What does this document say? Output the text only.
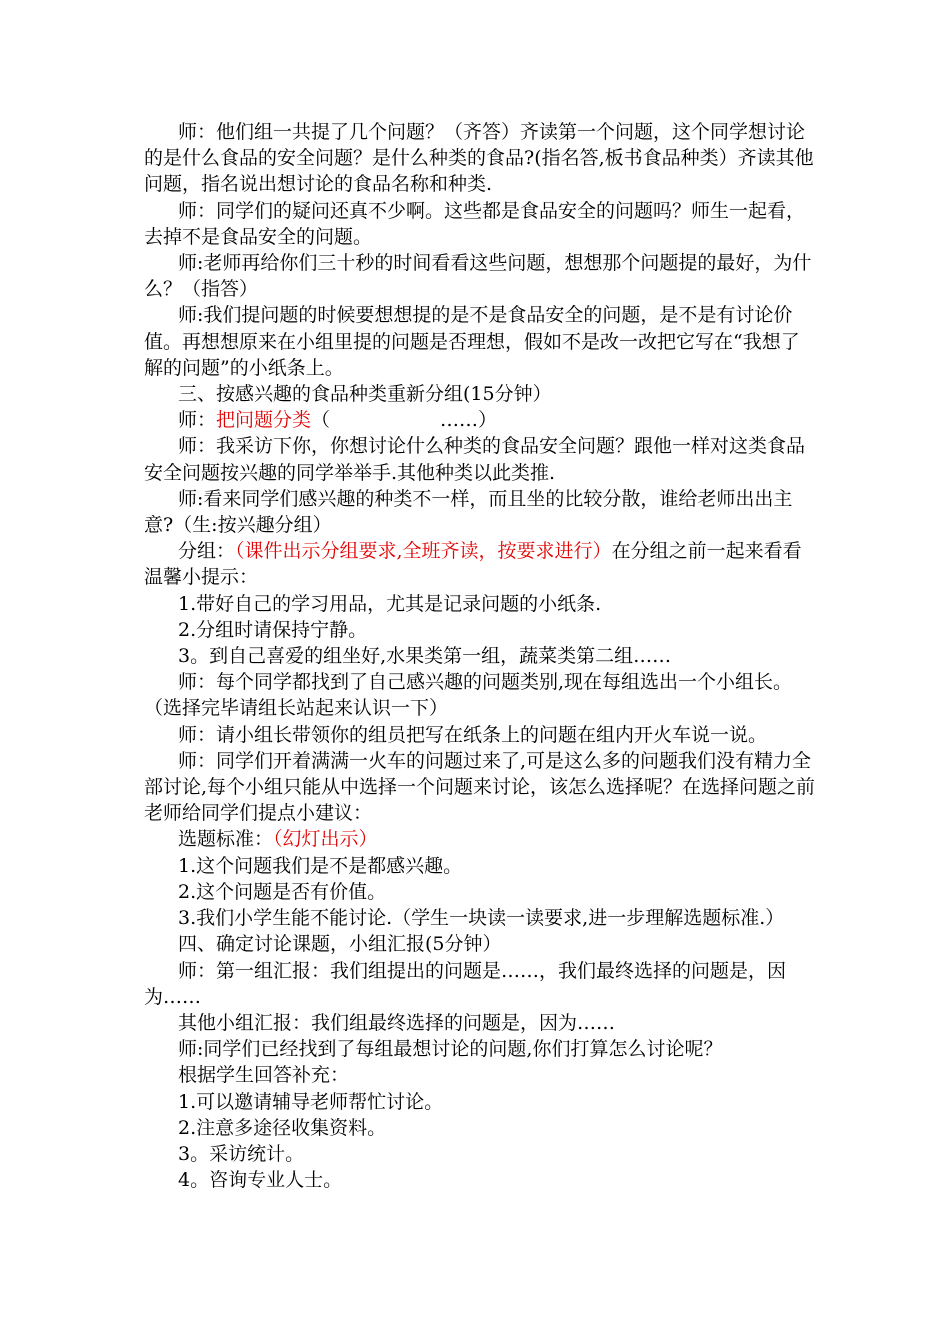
师：他们组一共提了几个问题？（齐答）齐读第一个问题，这个同学想讨论的是什么食品的安全问题？是什么种类的食品?(指名答,板书食品种类）齐读其他问题，指名说出想讨论的食品名称和种类.

师：同学们的疑问还真不少啊。这些都是食品安全的问题吗？师生一起看，去掉不是食品安全的问题。

师:老师再给你们三十秒的时间看看这些问题，想想那个问题提的最好，为什么？（指答）

师:我们提问题的时候要想想提的是不是食品安全的问题，是不是有讨论价值。再想想原来在小组里提的问题是否理想，假如不是改一改把它写在“我想了解的问题”的小纸条上。

三、按感兴趣的食品种类重新分组(15分钟）

师：把问题分类（	……）

师：我采访下你，你想讨论什么种类的食品安全问题？跟他一样对这类食品安全问题按兴趣的同学举举手.其他种类以此类推.

师:看来同学们感兴趣的种类不一样，而且坐的比较分散，谁给老师出出主意?（生:按兴趣分组）

分组：（课件出示分组要求,全班齐读，按要求进行）在分组之前一起来看看温馨小提示：

1.带好自己的学习用品，尤其是记录问题的小纸条.

2.分组时请保持宁静。

3。到自己喜爱的组坐好,水果类第一组，蔬菜类第二组……

师：每个同学都找到了自己感兴趣的问题类别,现在每组选出一个小组长。（选择完毕请组长站起来认识一下）

师：请小组长带领你的组员把写在纸条上的问题在组内开火车说一说。

师：同学们开着满满一火车的问题过来了,可是这么多的问题我们没有精力全部讨论,每个小组只能从中选择一个问题来讨论，该怎么选择呢？在选择问题之前老师给同学们提点小建议：

选题标准：（幻灯出示）

1.这个问题我们是不是都感兴趣。

2.这个问题是否有价值。

3.我们小学生能不能讨论.（学生一块读一读要求,进一步理解选题标准.）

四、确定讨论课题，小组汇报(5分钟）

师：第一组汇报：我们组提出的问题是……，我们最终选择的问题是，因为……

其他小组汇报：我们组最终选择的问题是，因为……

师:同学们已经找到了每组最想讨论的问题,你们打算怎么讨论呢？

根据学生回答补充：

1.可以邀请辅导老师帮忙讨论。

2.注意多途径收集资料。

3。采访统计。

4。咨询专业人士。
